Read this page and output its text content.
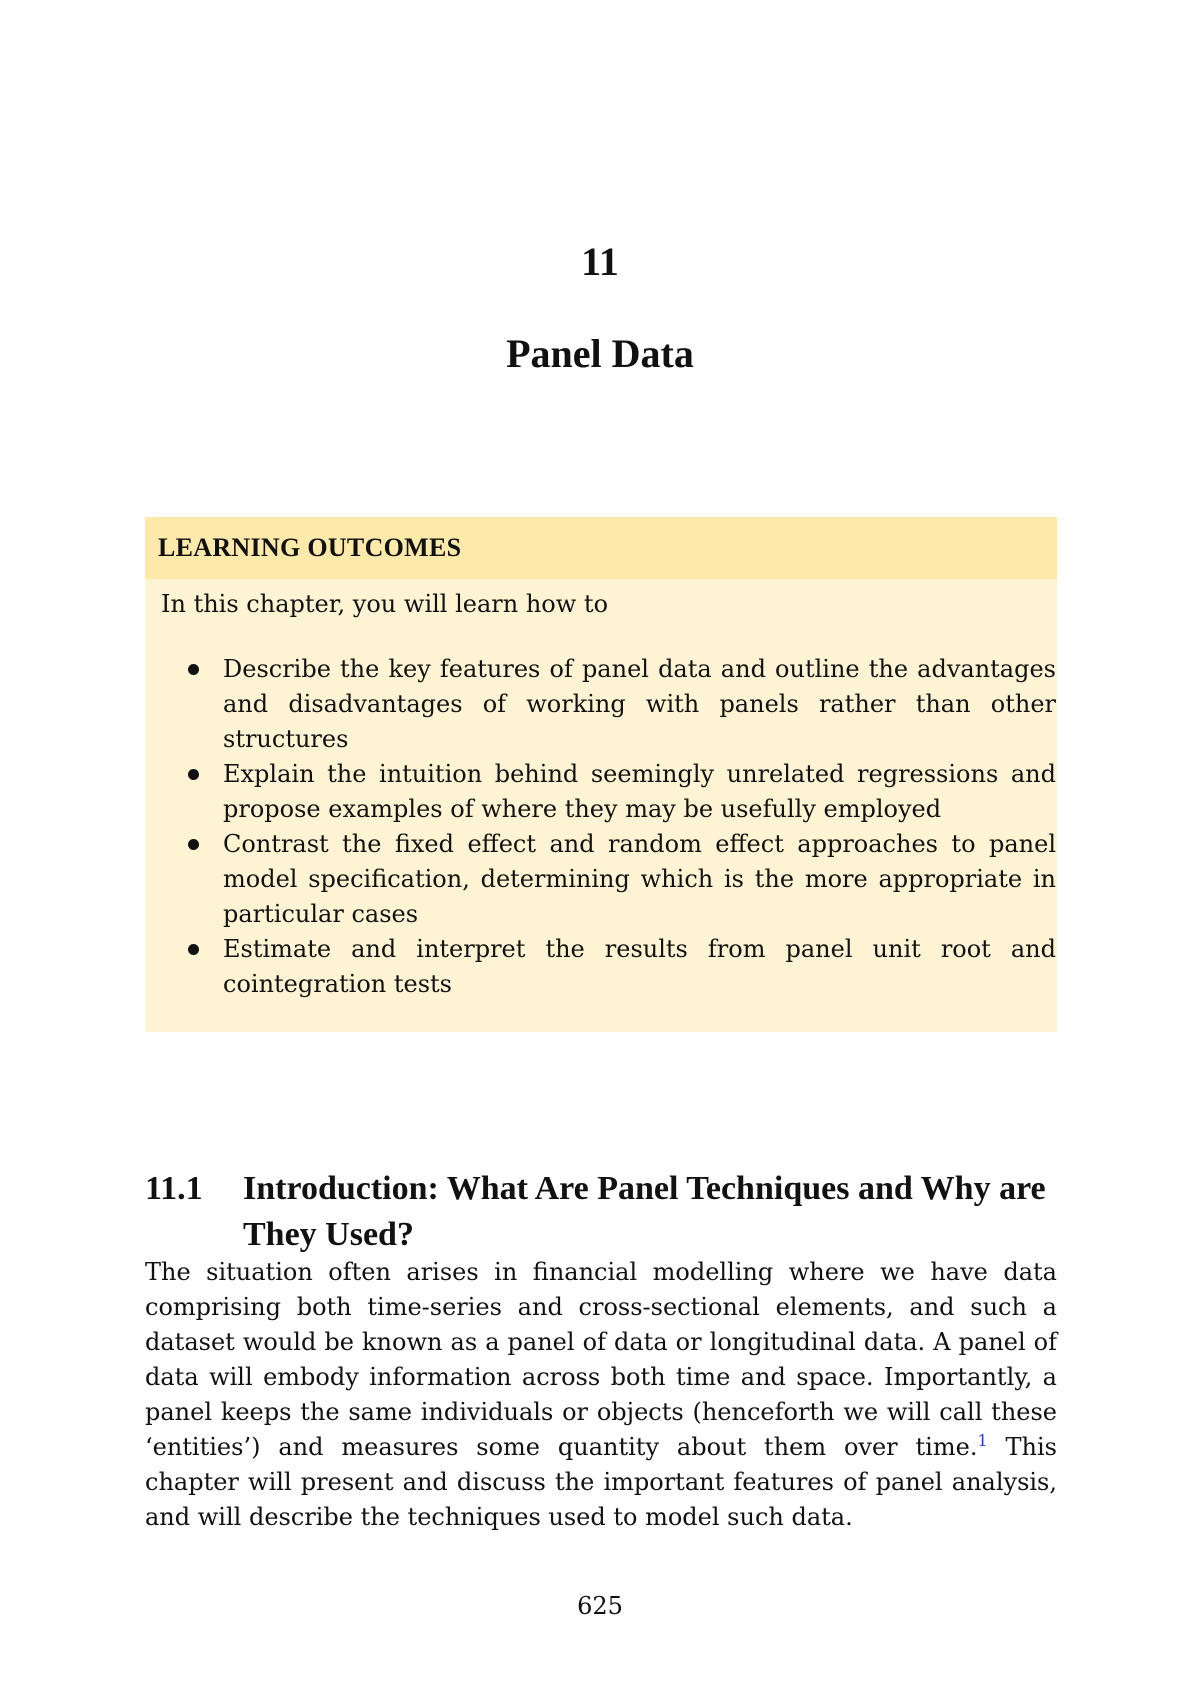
11
Panel Data
LEARNING OUTCOMES

In this chapter, you will learn how to

Describe the key features of panel data and outline the advantages and disadvantages of working with panels rather than other structures
Explain the intuition behind seemingly unrelated regressions and propose examples of where they may be usefully employed
Contrast the fixed effect and random effect approaches to panel model specification, determining which is the more appropriate in particular cases
Estimate and interpret the results from panel unit root and cointegration tests
11.1 Introduction: What Are Panel Techniques and Why are They Used?

The situation often arises in financial modelling where we have data comprising both time-series and cross-sectional elements, and such a dataset would be known as a panel of data or longitudinal data. A panel of data will embody information across both time and space. Importantly, a panel keeps the same individuals or objects (henceforth we will call these ‘entities’) and measures some quantity about them over time.$^1$ This chapter will present and discuss the important features of panel analysis, and will describe the techniques used to model such data.

625
